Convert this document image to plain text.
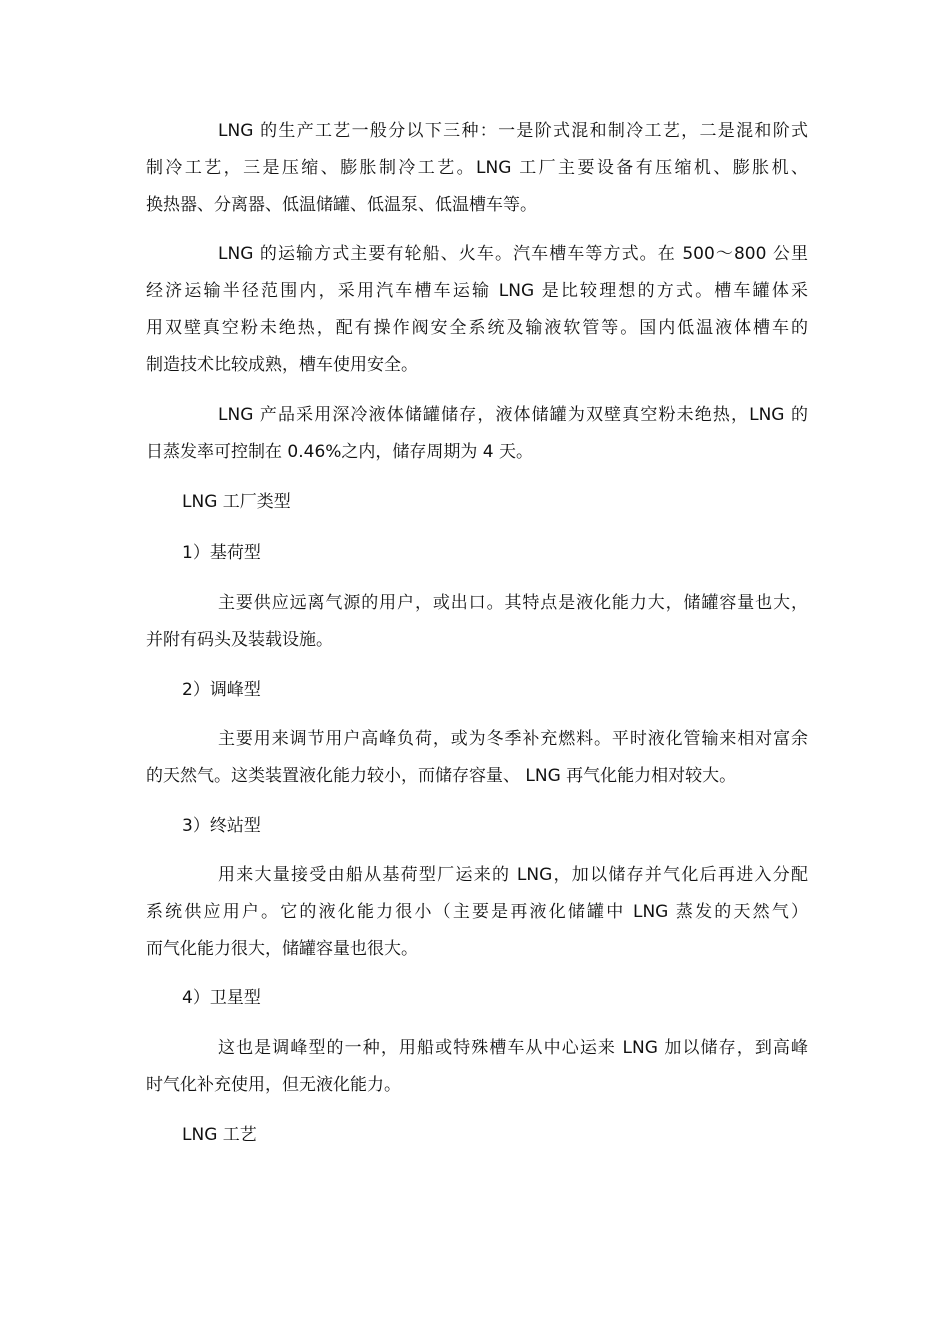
LNG 的生产工艺一般分以下三种：一是阶式混和制冷工艺，二是混和阶式
制冷工艺，三是压缩、膨胀制冷工艺。LNG 工厂主要设备有压缩机、膨胀机、
换热器、分离器、低温储罐、低温泵、低温槽车等。
LNG 的运输方式主要有轮船、火车。汽车槽车等方式。在 500～800 公里
经济运输半径范围内，采用汽车槽车运输 LNG 是比较理想的方式。槽车罐体采
用双壁真空粉未绝热，配有操作阀安全系统及输液软管等。国内低温液体槽车的
制造技术比较成熟，槽车使用安全。
LNG 产品采用深冷液体储罐储存，液体储罐为双壁真空粉未绝热，LNG 的
日蒸发率可控制在 0.46%之内，储存周期为 4 天。

LNG 工厂类型

1）基荷型

主要供应远离气源的用户，或出口。其特点是液化能力大，储罐容量也大，
并附有码头及装载设施。

2）调峰型

主要用来调节用户高峰负荷，或为冬季补充燃料。平时液化管输来相对富余
的天然气。这类装置液化能力较小，而储存容量、 LNG 再气化能力相对较大。

3）终站型

用来大量接受由船从基荷型厂运来的 LNG，加以储存并气化后再进入分配
系统供应用户。它的液化能力很小（主要是再液化储罐中 LNG 蒸发的天然气）
而气化能力很大，储罐容量也很大。

4）卫星型

这也是调峰型的一种，用船或特殊槽车从中心运来 LNG 加以储存，到高峰
时气化补充使用，但无液化能力。

LNG 工艺
